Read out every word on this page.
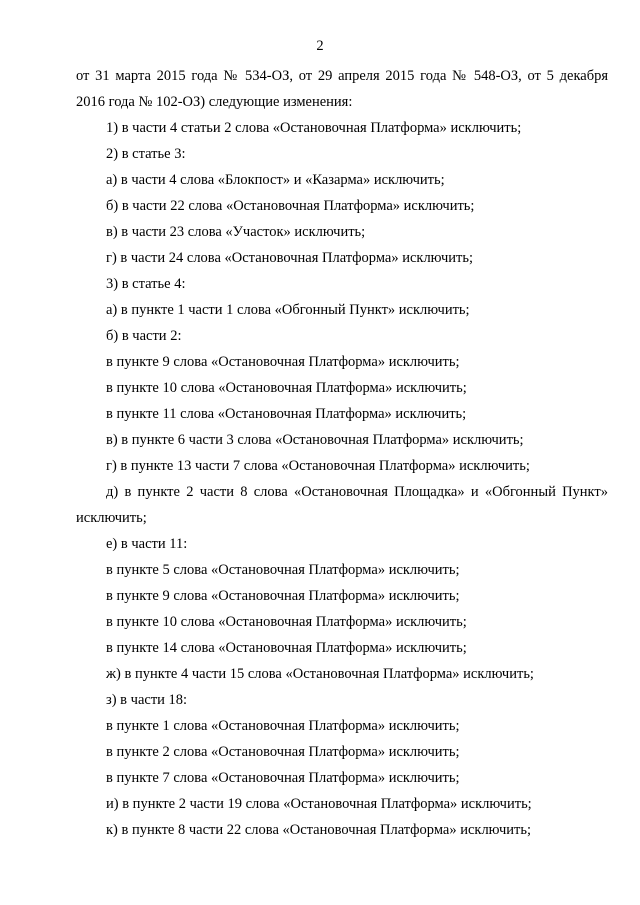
2
от 31 марта 2015 года № 534-ОЗ, от 29 апреля 2015 года № 548-ОЗ, от 5 декабря
2016 года № 102-ОЗ) следующие изменения:
1) в части 4 статьи 2 слова «Остановочная Платформа» исключить;
2) в статье 3:
а) в части 4 слова «Блокпост» и «Казарма» исключить;
б) в части 22 слова «Остановочная Платформа» исключить;
в) в части 23 слова «Участок» исключить;
г) в части 24 слова «Остановочная Платформа» исключить;
3) в статье 4:
а) в пункте 1 части 1 слова «Обгонный Пункт» исключить;
б) в части 2:
в пункте 9 слова «Остановочная Платформа» исключить;
в пункте 10 слова «Остановочная Платформа» исключить;
в пункте 11 слова «Остановочная Платформа» исключить;
в) в пункте 6 части 3 слова «Остановочная Платформа» исключить;
г) в пункте 13 части 7 слова «Остановочная Платформа» исключить;
д) в пункте 2 части 8 слова «Остановочная Площадка» и «Обгонный Пункт»
исключить;
е) в части 11:
в пункте 5 слова «Остановочная Платформа» исключить;
в пункте 9 слова «Остановочная Платформа» исключить;
в пункте 10 слова «Остановочная Платформа» исключить;
в пункте 14 слова «Остановочная Платформа» исключить;
ж) в пункте 4 части 15 слова «Остановочная Платформа» исключить;
з) в части 18:
в пункте 1 слова «Остановочная Платформа» исключить;
в пункте 2 слова «Остановочная Платформа» исключить;
в пункте 7 слова «Остановочная Платформа» исключить;
и) в пункте 2 части 19 слова «Остановочная Платформа» исключить;
к) в пункте 8 части 22 слова «Остановочная Платформа» исключить;
